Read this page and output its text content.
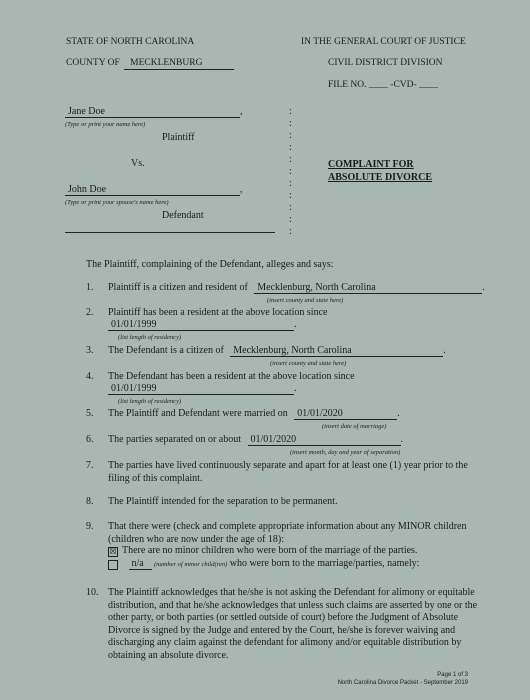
STATE OF NORTH CAROLINA	IN THE GENERAL COURT OF JUSTICE
COUNTY OF MECKLENBURG	CIVIL DISTRICT DIVISION
FILE NO. ____ -CVD- ____
Jane Doe	,
(Type or print your name here)
Plaintiff
Vs.
John Doe	,
(Type or print your spouse's name here)
Defendant
:
:
:
:
:
:
:
:
:
:
:
COMPLAINT FOR
ABSOLUTE DIVORCE
The Plaintiff, complaining of the Defendant, alleges and says:
1. Plaintiff is a citizen and resident of Mecklenburg, North Carolina	.
(insert county and state here)
2. Plaintiff has been a resident at the above location since
01/01/1999	.
(list length of residency)
3. The Defendant is a citizen of Mecklenburg, North Carolina	.
(insert county and state here)
4. The Defendant has been a resident at the above location since
01/01/1999	.
(list length of residency)
5. The Plaintiff and Defendant were married on 01/01/2020	.
(insert date of marriage)
6. The parties separated on or about 01/01/2020	.
(insert month, day and year of separation)
7. The parties have lived continuously separate and apart for at least one (1) year prior to the filing of this complaint.
8. The Plaintiff intended for the separation to be permanent.
9. That there were (check and complete appropriate information about any MINOR children (children who are now under the age of 18):
☒ There are no minor children who were born of the marriage of the parties.
n/a (number of minor child(ren) who were born to the marriage/parties, namely:
10. The Plaintiff acknowledges that he/she is not asking the Defendant for alimony or equitable distribution, and that he/she acknowledges that unless such claims are asserted by one or the other party, or both parties (or settled outside of court) before the Judgment of Absolute Divorce is signed by the Judge and entered by the Court, he/she is forever waiving and discharging any claim against the defendant for alimony and/or equitable distribution by obtaining an absolute divorce.
Page 1 of 3
North Carolina Divorce Packet - September 2019
